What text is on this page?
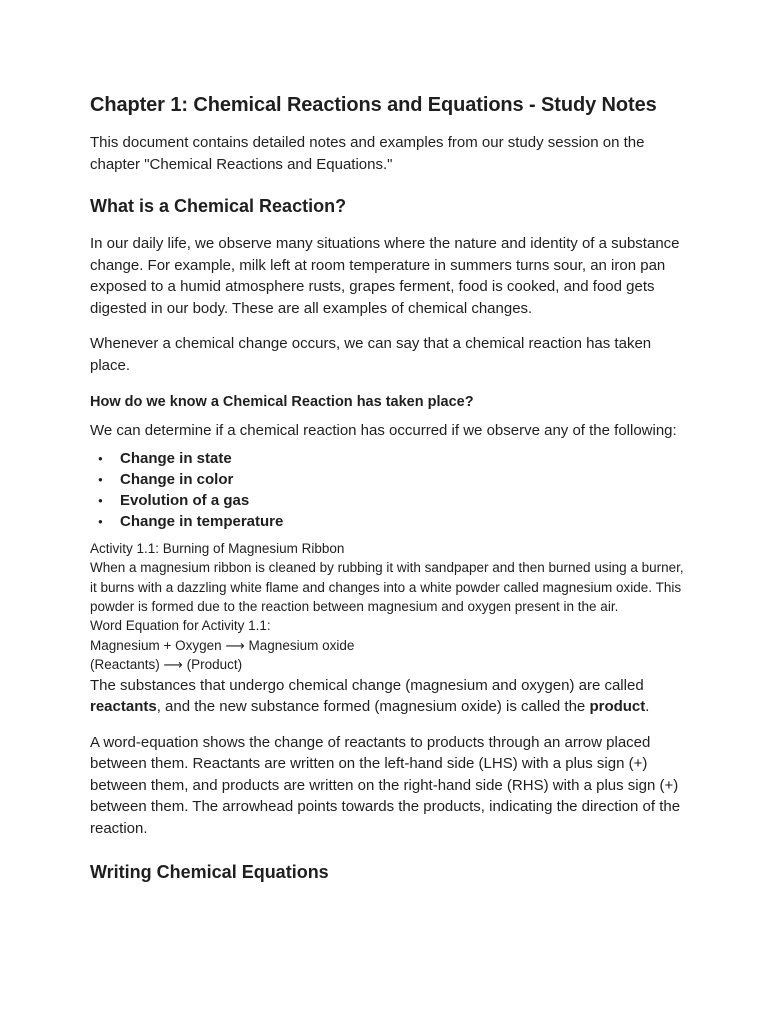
Chapter 1: Chemical Reactions and Equations - Study Notes

This document contains detailed notes and examples from our study session on the chapter "Chemical Reactions and Equations."

What is a Chemical Reaction?

In our daily life, we observe many situations where the nature and identity of a substance change. For example, milk left at room temperature in summers turns sour, an iron pan exposed to a humid atmosphere rusts, grapes ferment, food is cooked, and food gets digested in our body. These are all examples of chemical changes.

Whenever a chemical change occurs, we can say that a chemical reaction has taken place.

How do we know a Chemical Reaction has taken place?

We can determine if a chemical reaction has occurred if we observe any of the following:

● Change in state
● Change in color
● Evolution of a gas
● Change in temperature

Activity 1.1: Burning of Magnesium Ribbon

When a magnesium ribbon is cleaned by rubbing it with sandpaper and then burned using a burner, it burns with a dazzling white flame and changes into a white powder called magnesium oxide. This powder is formed due to the reaction between magnesium and oxygen present in the air.

Word Equation for Activity 1.1:

Magnesium + Oxygen ⟶ Magnesium oxide

(Reactants) ⟶ (Product)

The substances that undergo chemical change (magnesium and oxygen) are called reactants, and the new substance formed (magnesium oxide) is called the product.

A word-equation shows the change of reactants to products through an arrow placed between them. Reactants are written on the left-hand side (LHS) with a plus sign (+) between them, and products are written on the right-hand side (RHS) with a plus sign (+) between them. The arrowhead points towards the products, indicating the direction of the reaction.

Writing Chemical Equations
